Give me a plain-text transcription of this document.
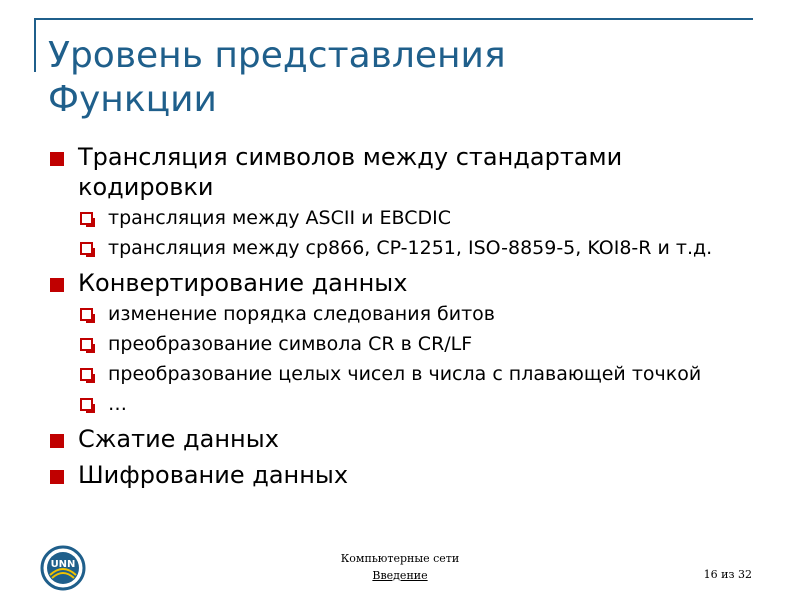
Уровень представления
Функции
Трансляция символов между стандартами кодировки
трансляция между ASCII и EBCDIC
трансляция между cp866, CP-1251, ISO-8859-5, KOI8-R и т.д.
Конвертирование данных
изменение порядка следования битов
преобразование символа CR в CR/LF
преобразование целых чисел в числа с плавающей точкой
…
Сжатие данных
Шифрование данных
UNN	Компьютерные сети
Введение	16 из 32
